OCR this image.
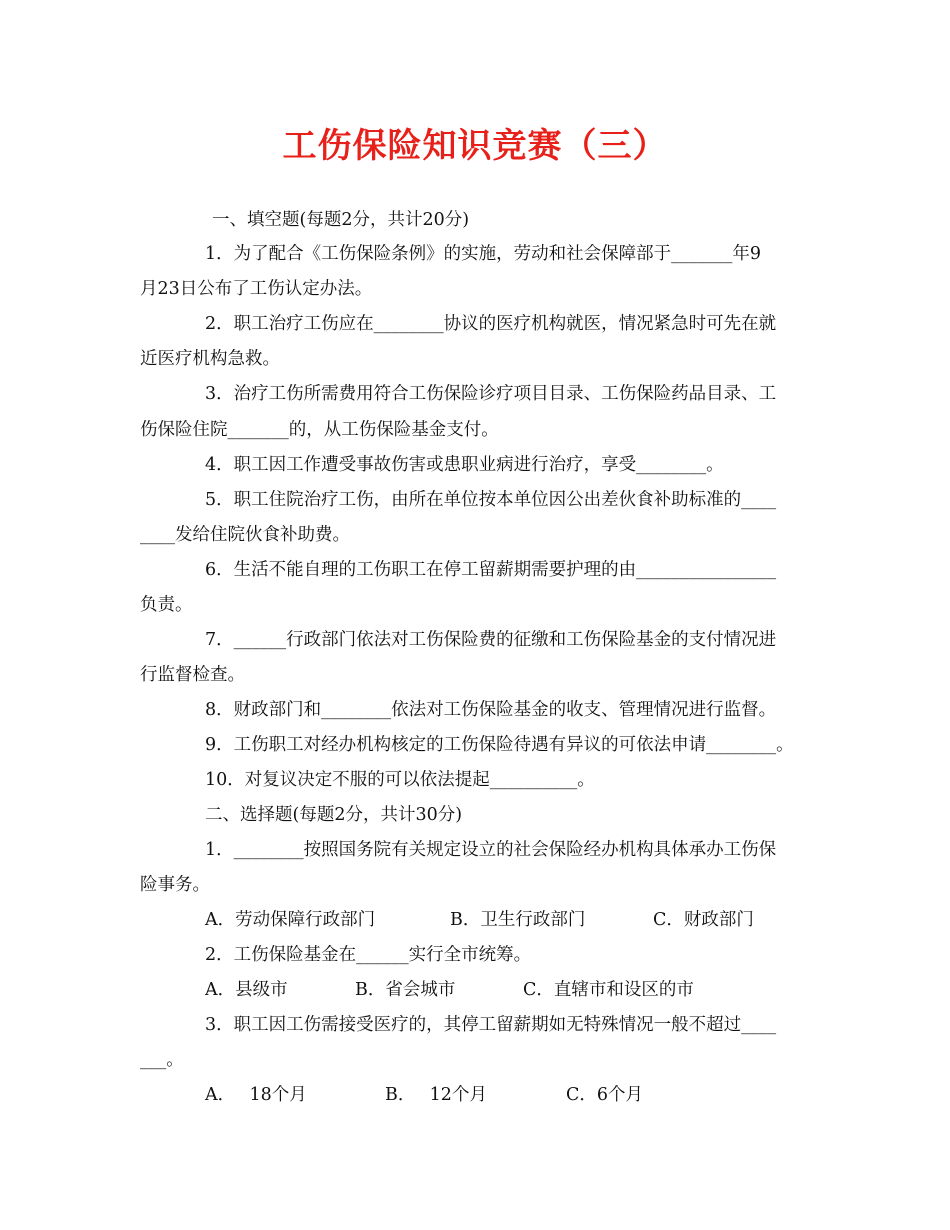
工伤保险知识竞赛（三）
一、填空题(每题2分，共计20分)
1．为了配合《工伤保险条例》的实施，劳动和社会保障部于_______年9
月23日公布了工伤认定办法。
2．职工治疗工伤应在________协议的医疗机构就医，情况紧急时可先在就
近医疗机构急救。
3．治疗工伤所需费用符合工伤保险诊疗项目目录、工伤保险药品目录、工
伤保险住院_______的，从工伤保险基金支付。
4．职工因工作遭受事故伤害或患职业病进行治疗，享受________。
5．职工住院治疗工伤，由所在单位按本单位因公出差伙食补助标准的____
____发给住院伙食补助费。
6．生活不能自理的工伤职工在停工留薪期需要护理的由________________
负责。
7．______行政部门依法对工伤保险费的征缴和工伤保险基金的支付情况进
行监督检查。
8．财政部门和________依法对工伤保险基金的收支、管理情况进行监督。
9．工伤职工对经办机构核定的工伤保险待遇有异议的可依法申请________。
10．对复议决定不服的可以依法提起__________。
二、选择题(每题2分，共计30分)
1．________按照国务院有关规定设立的社会保险经办机构具体承办工伤保
险事务。
A．劳动保障行政部门	B．卫生行政部门	C．财政部门
2．工伤保险基金在______实行全市统筹。
A．县级市	B．省会城市	C．直辖市和设区的市
3．职工因工伤需接受医疗的，其停工留薪期如无特殊情况一般不超过____
___。
A．　 18个月	B．　 12个月	C．6个月
